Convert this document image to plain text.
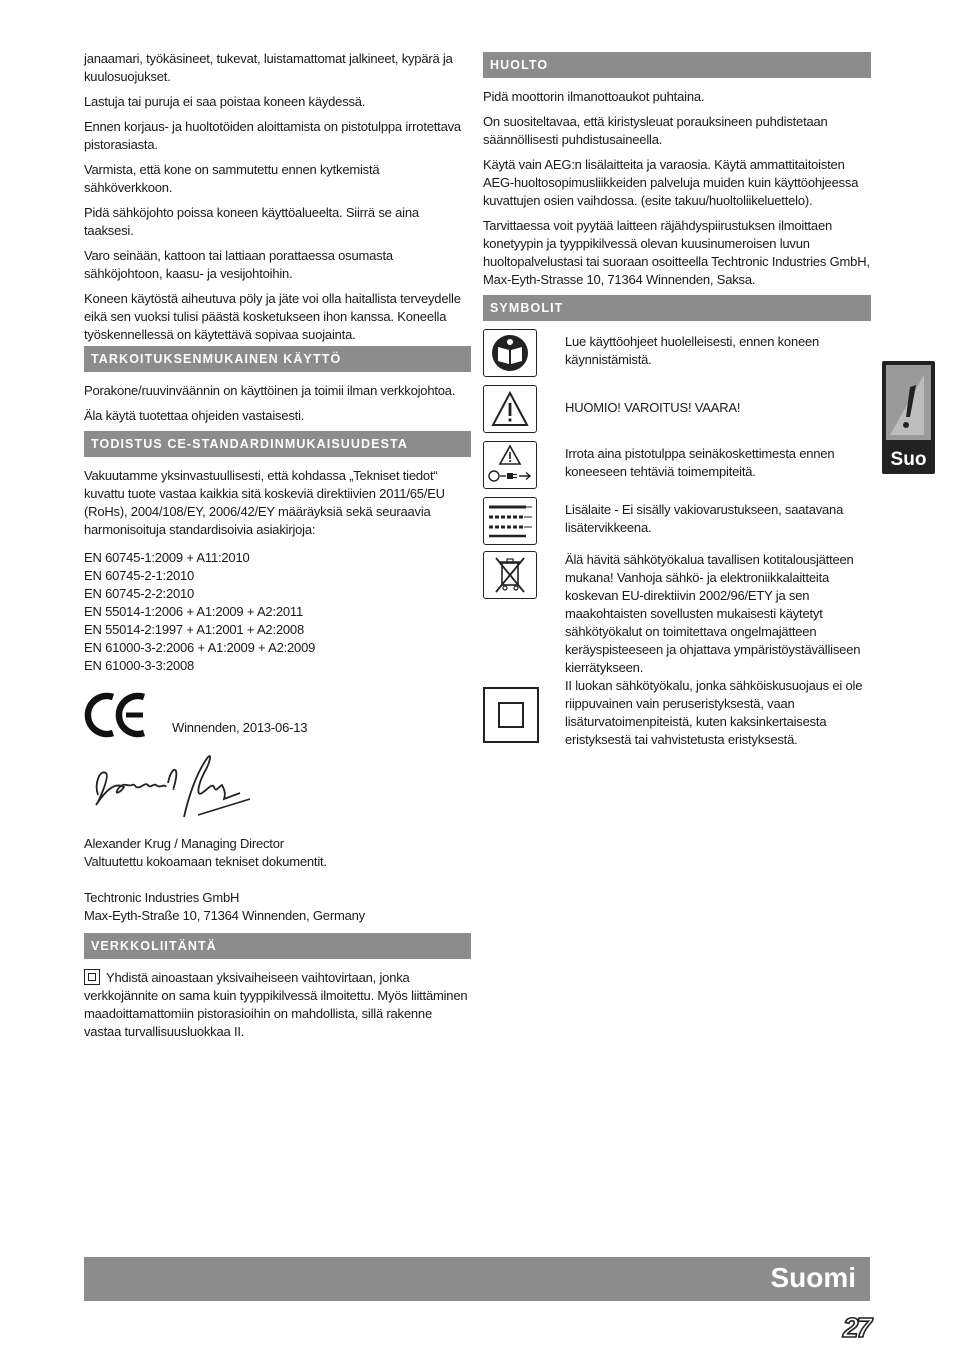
janaamari, työkäsineet, tukevat, luistamattomat jalkineet, kypärä ja kuulosuojukset.

Lastuja tai puruja ei saa poistaa koneen käydessä.

Ennen korjaus- ja huoltotöiden aloittamista on pistotulppa irrotettava pistorasiasta.

Varmista, että kone on sammutettu ennen kytkemistä sähköverkkoon.

Pidä sähköjohto poissa koneen käyttöalueelta. Siirrä se aina taaksesi.

Varo seinään, kattoon tai lattiaan porattaessa osumasta sähköjohtoon, kaasu- ja vesijohtoihin.

Koneen käytöstä aiheutuva pöly ja jäte voi olla haitallista terveydelle eikä sen vuoksi tulisi päästä kosketukseen ihon kanssa. Koneella työskennellessä on käytettävä sopivaa suojainta.

TARKOITUKSENMUKAINEN KÄYTTÖ

Porakone/ruuvinväännin on käyttöinen ja toimii ilman verkkojohtoa.

Äla käytä tuotettaa ohjeiden vastaisesti.

TODISTUS CE-STANDARDINMUKAISUUDESTA

Vakuutamme yksinvastuullisesti, että kohdassa „Tekniset tiedot“ kuvattu tuote vastaa kaikkia sitä koskeviä direktiivien 2011/65/EU (RoHs), 2004/108/EY, 2006/42/EY määräyksiä sekä seuraavia harmonisoituja standardisoivia asiakirjoja:

EN 60745-1:2009 + A11:2010
EN 60745-2-1:2010
EN 60745-2-2:2010
EN 55014-1:2006 + A1:2009 + A2:2011
EN 55014-2:1997 + A1:2001 + A2:2008
EN 61000-3-2:2006 + A1:2009 + A2:2009
EN 61000-3-3:2008
Winnenden, 2013-06-13
Alexander Krug / Managing Director
Valtuutettu kokoamaan tekniset dokumentit.
Techtronic Industries GmbH
Max-Eyth-Straße 10, 71364 Winnenden, Germany
VERKKOLIITÄNTÄ

Yhdistä ainoastaan yksivaiheiseen vaihtovirtaan, jonka verkkojännite on sama kuin tyyppikilvessä ilmoitettu. Myös liittäminen maadoittamattomiin pistorasioihin on mahdollista, sillä rakenne vastaa turvallisuusluokkaa II.

HUOLTO

Pidä moottorin ilmanottoaukot puhtaina.

On suositeltavaa, että kiristysleuat porauksineen puhdistetaan säännöllisesti puhdistusaineella.

Käytä vain AEG:n lisälaitteita ja varaosia. Käytä ammattitaitoisten AEG-huoltosopimusliikkeiden palveluja muiden kuin käyttöohjeessa kuvattujen osien vaihdossa. (esite takuu/huoltoliikeluettelo).

Tarvittaessa voit pyytää laitteen räjähdyspiirustuksen ilmoittaen konetyypin ja tyyppikilvessä olevan kuusinumeroisen luvun huoltopalvelustasi tai suoraan osoitteella Techtronic Industries GmbH, Max-Eyth-Strasse 10, 71364 Winnenden, Saksa.

SYMBOLIT
Lue käyttöohjeet huolelleisesti, ennen koneen käynnistämistä.
HUOMIO! VAROITUS! VAARA!
Irrota aina pistotulppa seinäkoskettimesta ennen koneeseen tehtäviä toimempiteitä.
Lisälaite - Ei sisälly vakiovarustukseen, saatavana lisätervikkeena.
Älä hävitä sähkötyökalua tavallisen kotitalousjätteen mukana! Vanhoja sähkö- ja elektroniikkalaitteita koskevan EU-direktiivin 2002/96/ETY ja sen maakohtaisten sovellusten mukaisesti käytetyt sähkötyökalut on toimitettava ongelmajätteen keräyspisteeseen ja ohjattava ympäristöystävälliseen kierrätykseen.
II luokan sähkötyökalu, jonka sähköiskusuojaus ei ole riippuvainen vain peruseristyksestä, vaan lisäturvatoimenpiteistä, kuten kaksinkertaisesta eristyksestä tai vahvistetusta eristyksestä.
Suo
Suomi
27
